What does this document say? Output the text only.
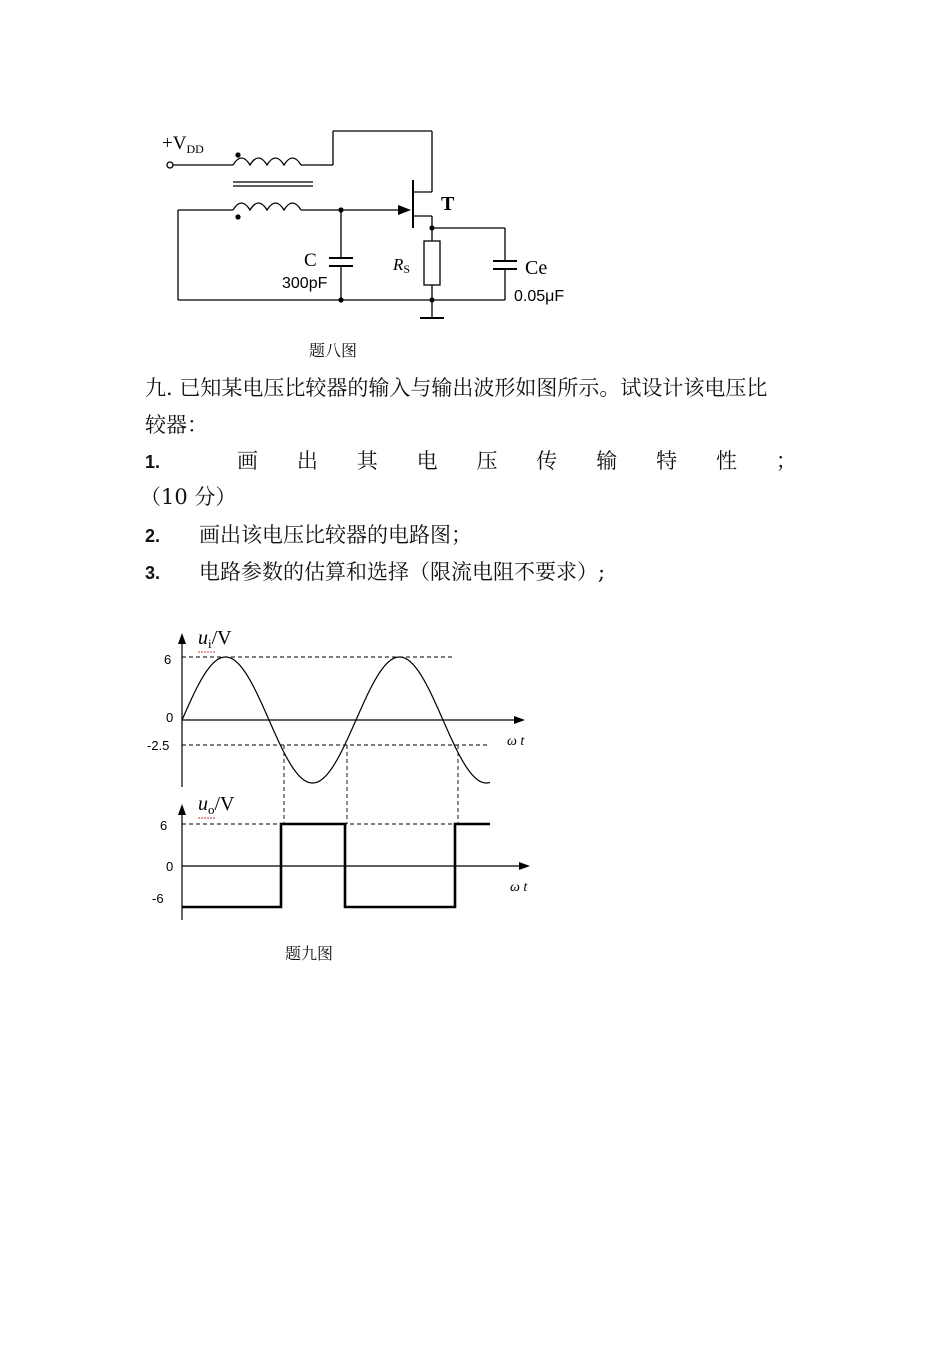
$+V_{DD}$
T
C
300pF
RS	Ce
0.05μF
题八图
九. 已知某电压比较器的输入与输出波形如图所示。试设计该电压比
较器：
1.	画 出 其 电 压 传 输 特 性 ；
（10 分）
2. 画出该电压比较器的电路图；
3. 电路参数的估算和选择（限流电阻不要求）;
$u_i/V$
$u_o/V$
6
0
-2.5
6
0
-6
ω t
ω t
题九图
